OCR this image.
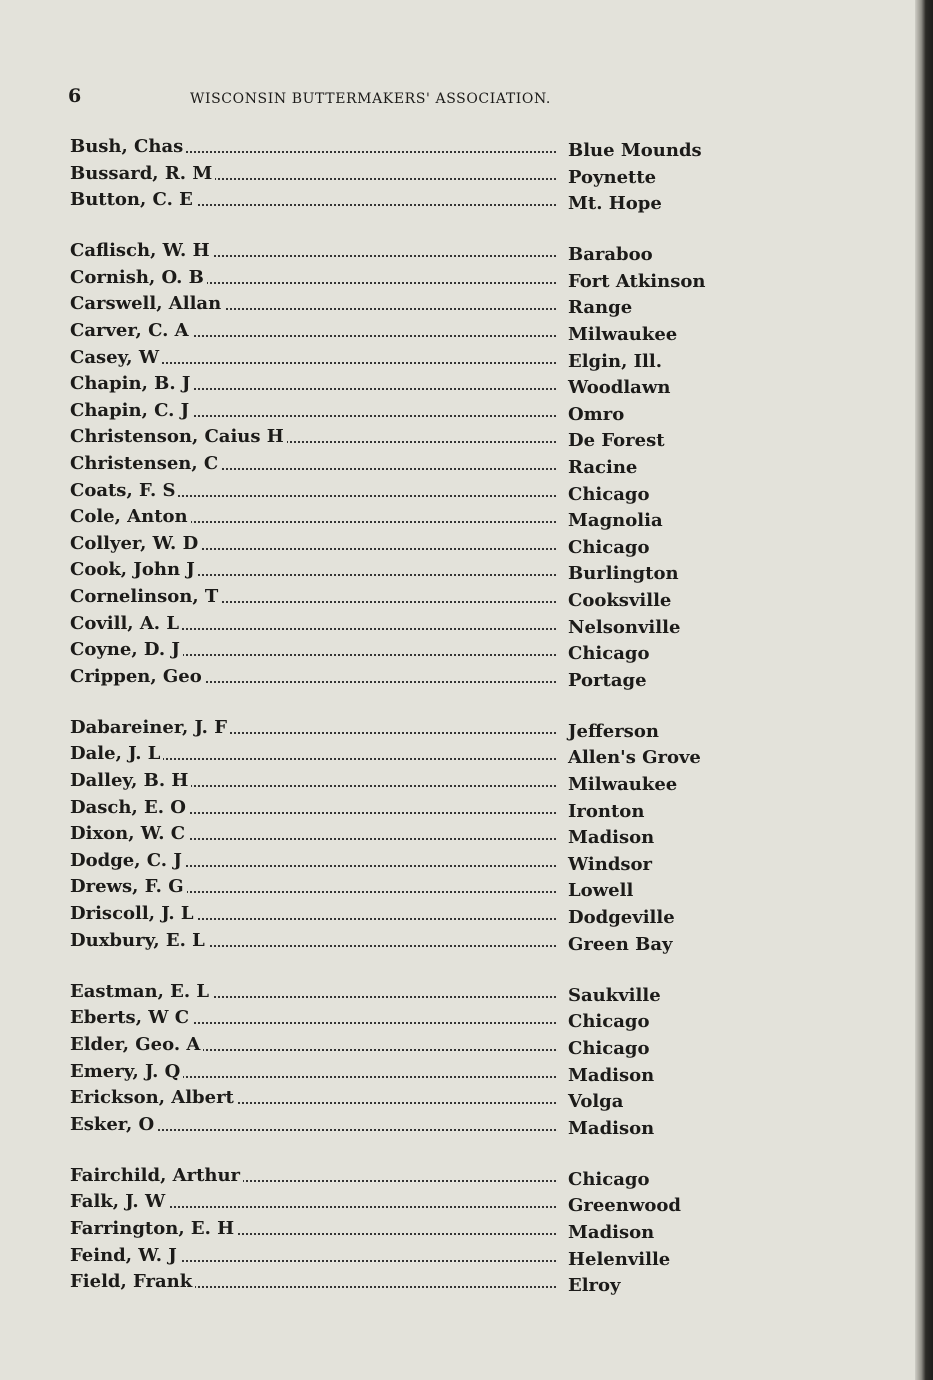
6	WISCONSIN BUTTERMAKERS' ASSOCIATION.
Bush, Chas	Blue Mounds
Bussard, R. M	Poynette
Button, C. E	Mt. Hope
Caflisch, W. H	Baraboo
Cornish, O. B	Fort Atkinson
Carswell, Allan	Range
Carver, C. A	Milwaukee
Casey, W	Elgin, Ill.
Chapin, B. J	Woodlawn
Chapin, C. J	Omro
Christenson, Caius H	De Forest
Christensen, C	Racine
Coats, F. S	Chicago
Cole, Anton	Magnolia
Collyer, W. D	Chicago
Cook, John J	Burlington
Cornelinson, T	Cooksville
Covill, A. L	Nelsonville
Coyne, D. J	Chicago
Crippen, Geo	Portage
Dabareiner, J. F	Jefferson
Dale, J. L	Allen's Grove
Dalley, B. H	Milwaukee
Dasch, E. O	Ironton
Dixon, W. C	Madison
Dodge, C. J	Windsor
Drews, F. G	Lowell
Driscoll, J. L	Dodgeville
Duxbury, E. L	Green Bay
Eastman, E. L	Saukville
Eberts, W C	Chicago
Elder, Geo. A	Chicago
Emery, J. Q	Madison
Erickson, Albert	Volga
Esker, O	Madison
Fairchild, Arthur	Chicago
Falk, J. W	Greenwood
Farrington, E. H	Madison
Feind, W. J	Helenville
Field, Frank	Elroy
